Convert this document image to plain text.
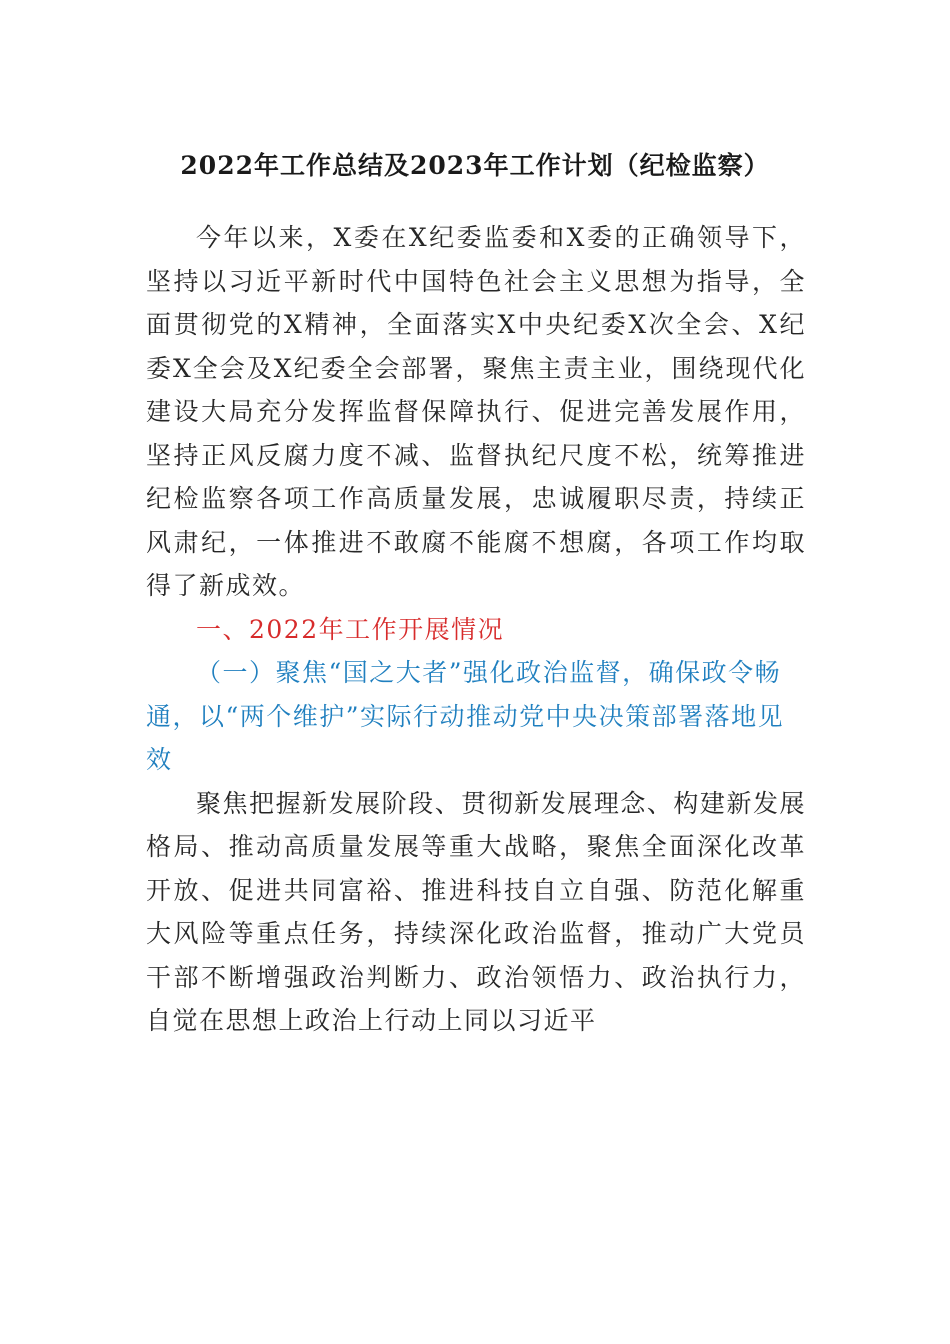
2022年工作总结及2023年工作计划（纪检监察）

今年以来，X委在X纪委监委和X委的正确领导下，坚持以习近平新时代中国特色社会主义思想为指导，全面贯彻党的X精神，全面落实X中央纪委X次全会、X纪委X全会及X纪委全会部署，聚焦主责主业，围绕现代化建设大局充分发挥监督保障执行、促进完善发展作用，坚持正风反腐力度不减、监督执纪尺度不松，统筹推进纪检监察各项工作高质量发展，忠诚履职尽责，持续正风肃纪，一体推进不敢腐不能腐不想腐，各项工作均取得了新成效。

一、2022年工作开展情况

（一）聚焦“国之大者”强化政治监督，确保政令畅通，以“两个维护”实际行动推动党中央决策部署落地见效

聚焦把握新发展阶段、贯彻新发展理念、构建新发展格局、推动高质量发展等重大战略，聚焦全面深化改革开放、促进共同富裕、推进科技自立自强、防范化解重大风险等重点任务，持续深化政治监督，推动广大党员干部不断增强政治判断力、政治领悟力、政治执行力，自觉在思想上政治上行动上同以习近平
